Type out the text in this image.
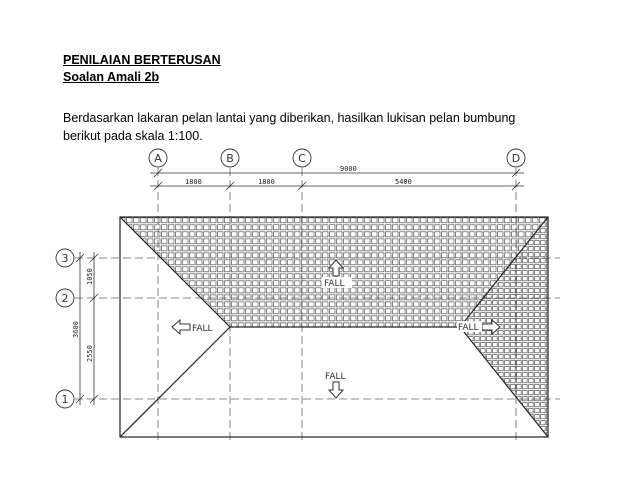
PENILAIAN BERTERUSAN

Soalan Amali 2b

Berdasarkan lakaran pelan lantai yang diberikan, hasilkan lukisan pelan bumbung
berikut pada skala 1:100.
9000
1800	1800	5400
3600
1050
2550
A	B	C	D
3
2
1
FALL
FALL	FALL
FALL
